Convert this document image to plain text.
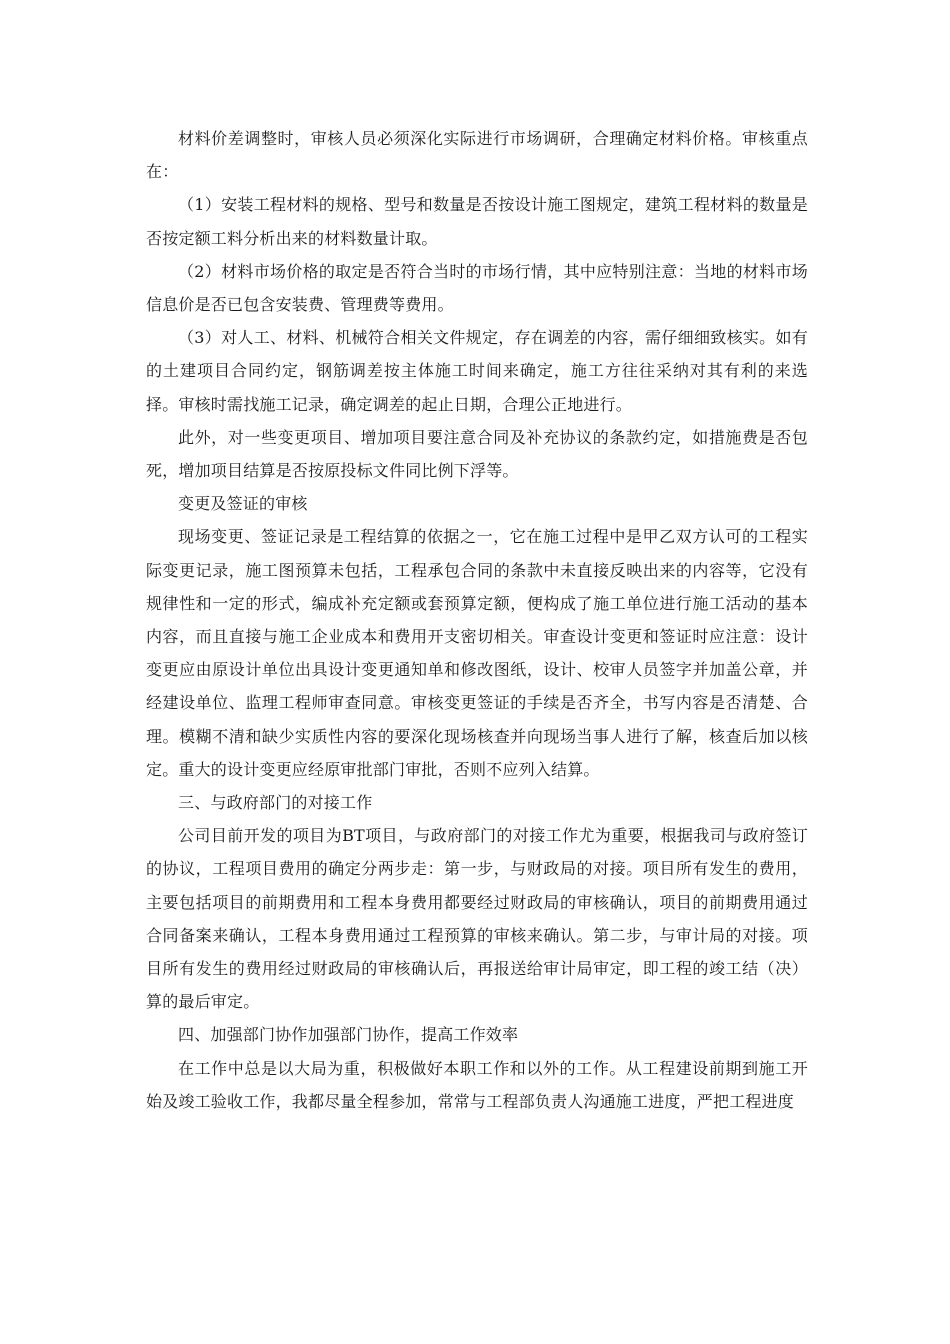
材料价差调整时，审核人员必须深化实际进行市场调研，合理确定材料价格。审核重点在：

（1）安装工程材料的规格、型号和数量是否按设计施工图规定，建筑工程材料的数量是否按定额工料分析出来的材料数量计取。

（2）材料市场价格的取定是否符合当时的市场行情，其中应特别注意：当地的材料市场信息价是否已包含安装费、管理费等费用。

（3）对人工、材料、机械符合相关文件规定，存在调差的内容，需仔细细致核实。如有的土建项目合同约定，钢筋调差按主体施工时间来确定，施工方往往采纳对其有利的来选择。审核时需找施工记录，确定调差的起止日期，合理公正地进行。

此外，对一些变更项目、增加项目要注意合同及补充协议的条款约定，如措施费是否包死，增加项目结算是否按原投标文件同比例下浮等。

变更及签证的审核

现场变更、签证记录是工程结算的依据之一，它在施工过程中是甲乙双方认可的工程实际变更记录，施工图预算未包括，工程承包合同的条款中未直接反映出来的内容等，它没有规律性和一定的形式，编成补充定额或套预算定额，便构成了施工单位进行施工活动的基本内容，而且直接与施工企业成本和费用开支密切相关。审查设计变更和签证时应注意：设计变更应由原设计单位出具设计变更通知单和修改图纸，设计、校审人员签字并加盖公章，并经建设单位、监理工程师审查同意。审核变更签证的手续是否齐全，书写内容是否清楚、合理。模糊不清和缺少实质性内容的要深化现场核查并向现场当事人进行了解，核查后加以核定。重大的设计变更应经原审批部门审批，否则不应列入结算。

三、与政府部门的对接工作

公司目前开发的项目为BT项目，与政府部门的对接工作尤为重要，根据我司与政府签订的协议，工程项目费用的确定分两步走：第一步，与财政局的对接。项目所有发生的费用，主要包括项目的前期费用和工程本身费用都要经过财政局的审核确认，项目的前期费用通过合同备案来确认，工程本身费用通过工程预算的审核来确认。第二步，与审计局的对接。项目所有发生的费用经过财政局的审核确认后，再报送给审计局审定，即工程的竣工结（决）算的最后审定。

四、加强部门协作加强部门协作，提高工作效率

在工作中总是以大局为重，积极做好本职工作和以外的工作。从工程建设前期到施工开始及竣工验收工作，我都尽量全程参加，常常与工程部负责人沟通施工进度，严把工程进度
